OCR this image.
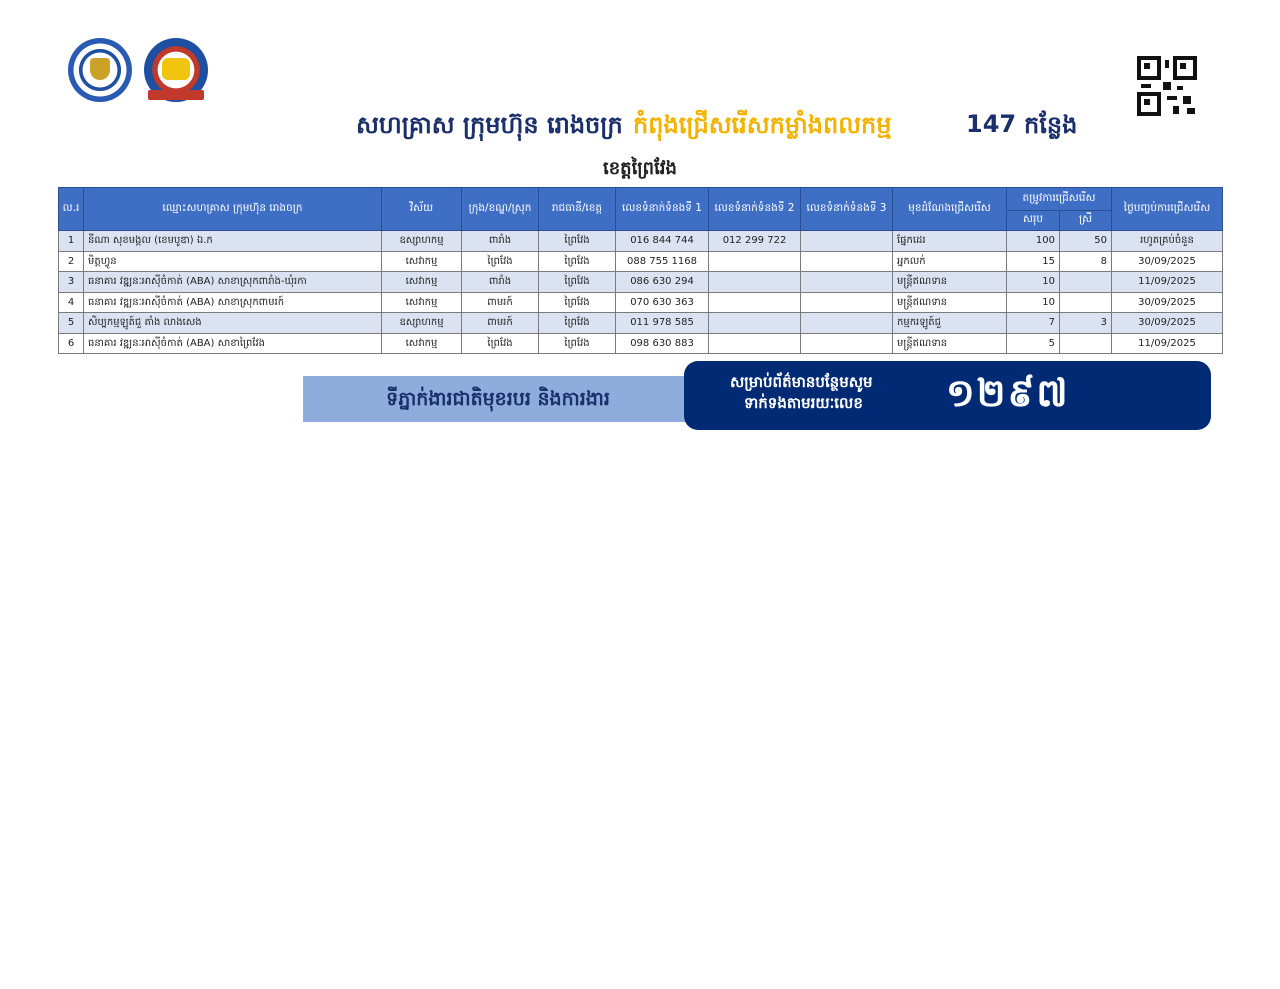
សហគ្រាស ក្រុមហ៊ុន រោងចក្រ កំពុងជ្រើសរើសកម្លាំងពលកម្ម	147 កន្លែង
ខេត្តព្រៃវែង
ល.រ	ឈ្មោះសហគ្រាស ក្រុមហ៊ុន រោងចក្រ	វិស័យ	ក្រុង/ខណ្ឌ/ស្រុក	រាជធានី/ខេត្ត	លេខទំនាក់ទំនងទី 1	លេខទំនាក់ទំនងទី 2	លេខទំនាក់ទំនងទី 3	មុខដំណែងជ្រើសរើស	តម្រូវការជ្រើសរើស		ថ្ងៃបញ្ចប់ការជ្រើសរើស
									សរុប	ស្រី	
1	នីណា សុខមង្គល (ខេមបូឌា) ឯ.ក	ឧស្សាហកម្ម	ពារាំង	ព្រៃវែង	016 844 744	012 299 722		ផ្នែកដេរ	100	50	រហូតគ្រប់ចំនួន
2	មិត្តហ្វូន	សេវាកម្ម	ព្រៃវែង	ព្រៃវែង	088 755 1168			អ្នកលក់	15	8	30/09/2025
3	ធនាគារ វឌ្ឍនៈអាស៊ីចំកាត់ (ABA) សាខាស្រុកពារាំង-ឃុំរកា	សេវាកម្ម	ពារាំង	ព្រៃវែង	086 630 294			មន្ត្រីឥណទាន	10		11/09/2025
4	ធនាគារ វឌ្ឍនៈអាស៊ីចំកាត់ (ABA) សាខាស្រុកពាមរក៍	សេវាកម្ម	ពាមរក៍	ព្រៃវែង	070 630 363			មន្ត្រីឥណទាន	10		30/09/2025
5	សិប្បកម្មឡូត៍ជួ តាំង លាងសេង	ឧស្សាហកម្ម	ពាមរក៍	ព្រៃវែង	011 978 585			កម្មករឡូត៍ជួ	7	3	30/09/2025
6	ធនាគារ វឌ្ឍនៈអាស៊ីចំកាត់ (ABA) សាខាព្រៃវែង	សេវាកម្ម	ព្រៃវែង	ព្រៃវែង	098 630 883			មន្ត្រីឥណទាន	5		11/09/2025
ទីភ្នាក់ងារជាតិមុខរបរ និងការងារ
សម្រាប់ព័ត៌មានបន្ថែមសូម
ទាក់ទងតាមរយៈលេខ ១២៩៧
